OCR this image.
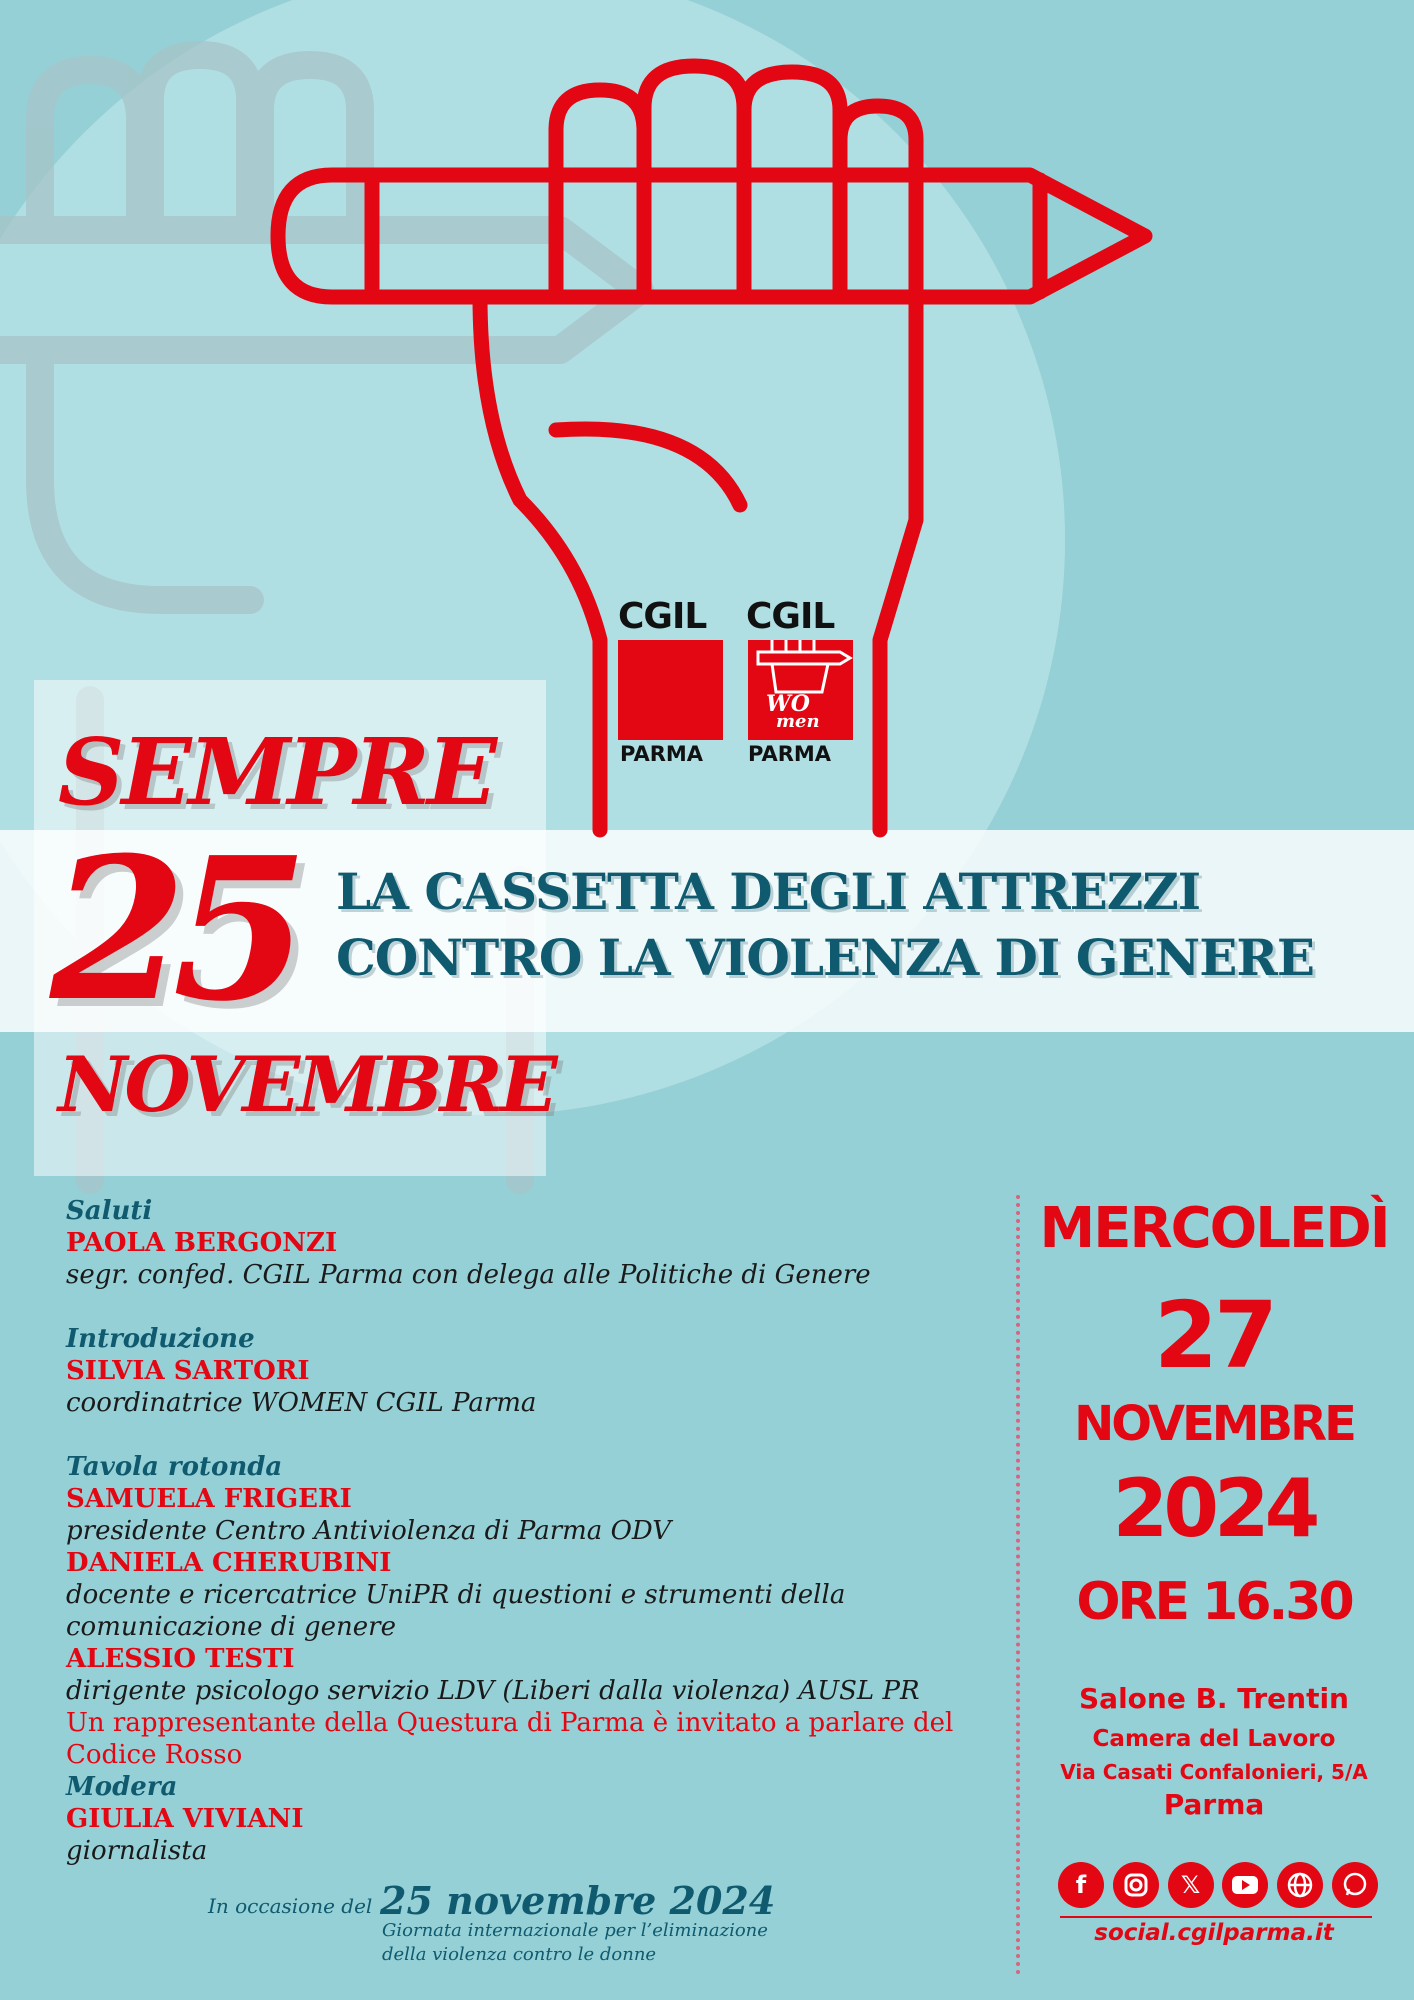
CGIL CGIL
PARMA PARMA
WO
men
SEMPRE
25
NOVEMBRE
LA CASSETTA DEGLI ATTREZZI
CONTRO LA VIOLENZA DI GENERE
Saluti
PAOLA BERGONZI
segr. confed. CGIL Parma con delega alle Politiche di Genere
Introduzione
SILVIA SARTORI
coordinatrice WOMEN CGIL Parma
Tavola rotonda
SAMUELA FRIGERI
presidente Centro Antiviolenza di Parma ODV
DANIELA CHERUBINI
docente e ricercatrice UniPR di questioni e strumenti della
comunicazione di genere
ALESSIO TESTI
dirigente psicologo servizio LDV (Liberi dalla violenza) AUSL PR
Un rappresentante della Questura di Parma è invitato a parlare del
Codice Rosso
Modera
GIULIA VIVIANI
giornalista
MERCOLEDÌ
27
NOVEMBRE
2024
ORE 16.30
Salone B. Trentin
Camera del Lavoro
Via Casati Confalonieri, 5/A
Parma
f	𝕏
social.cgilparma.it
In occasione del 25 novembre 2024
Giornata internazionale per l’eliminazione
della violenza contro le donne
